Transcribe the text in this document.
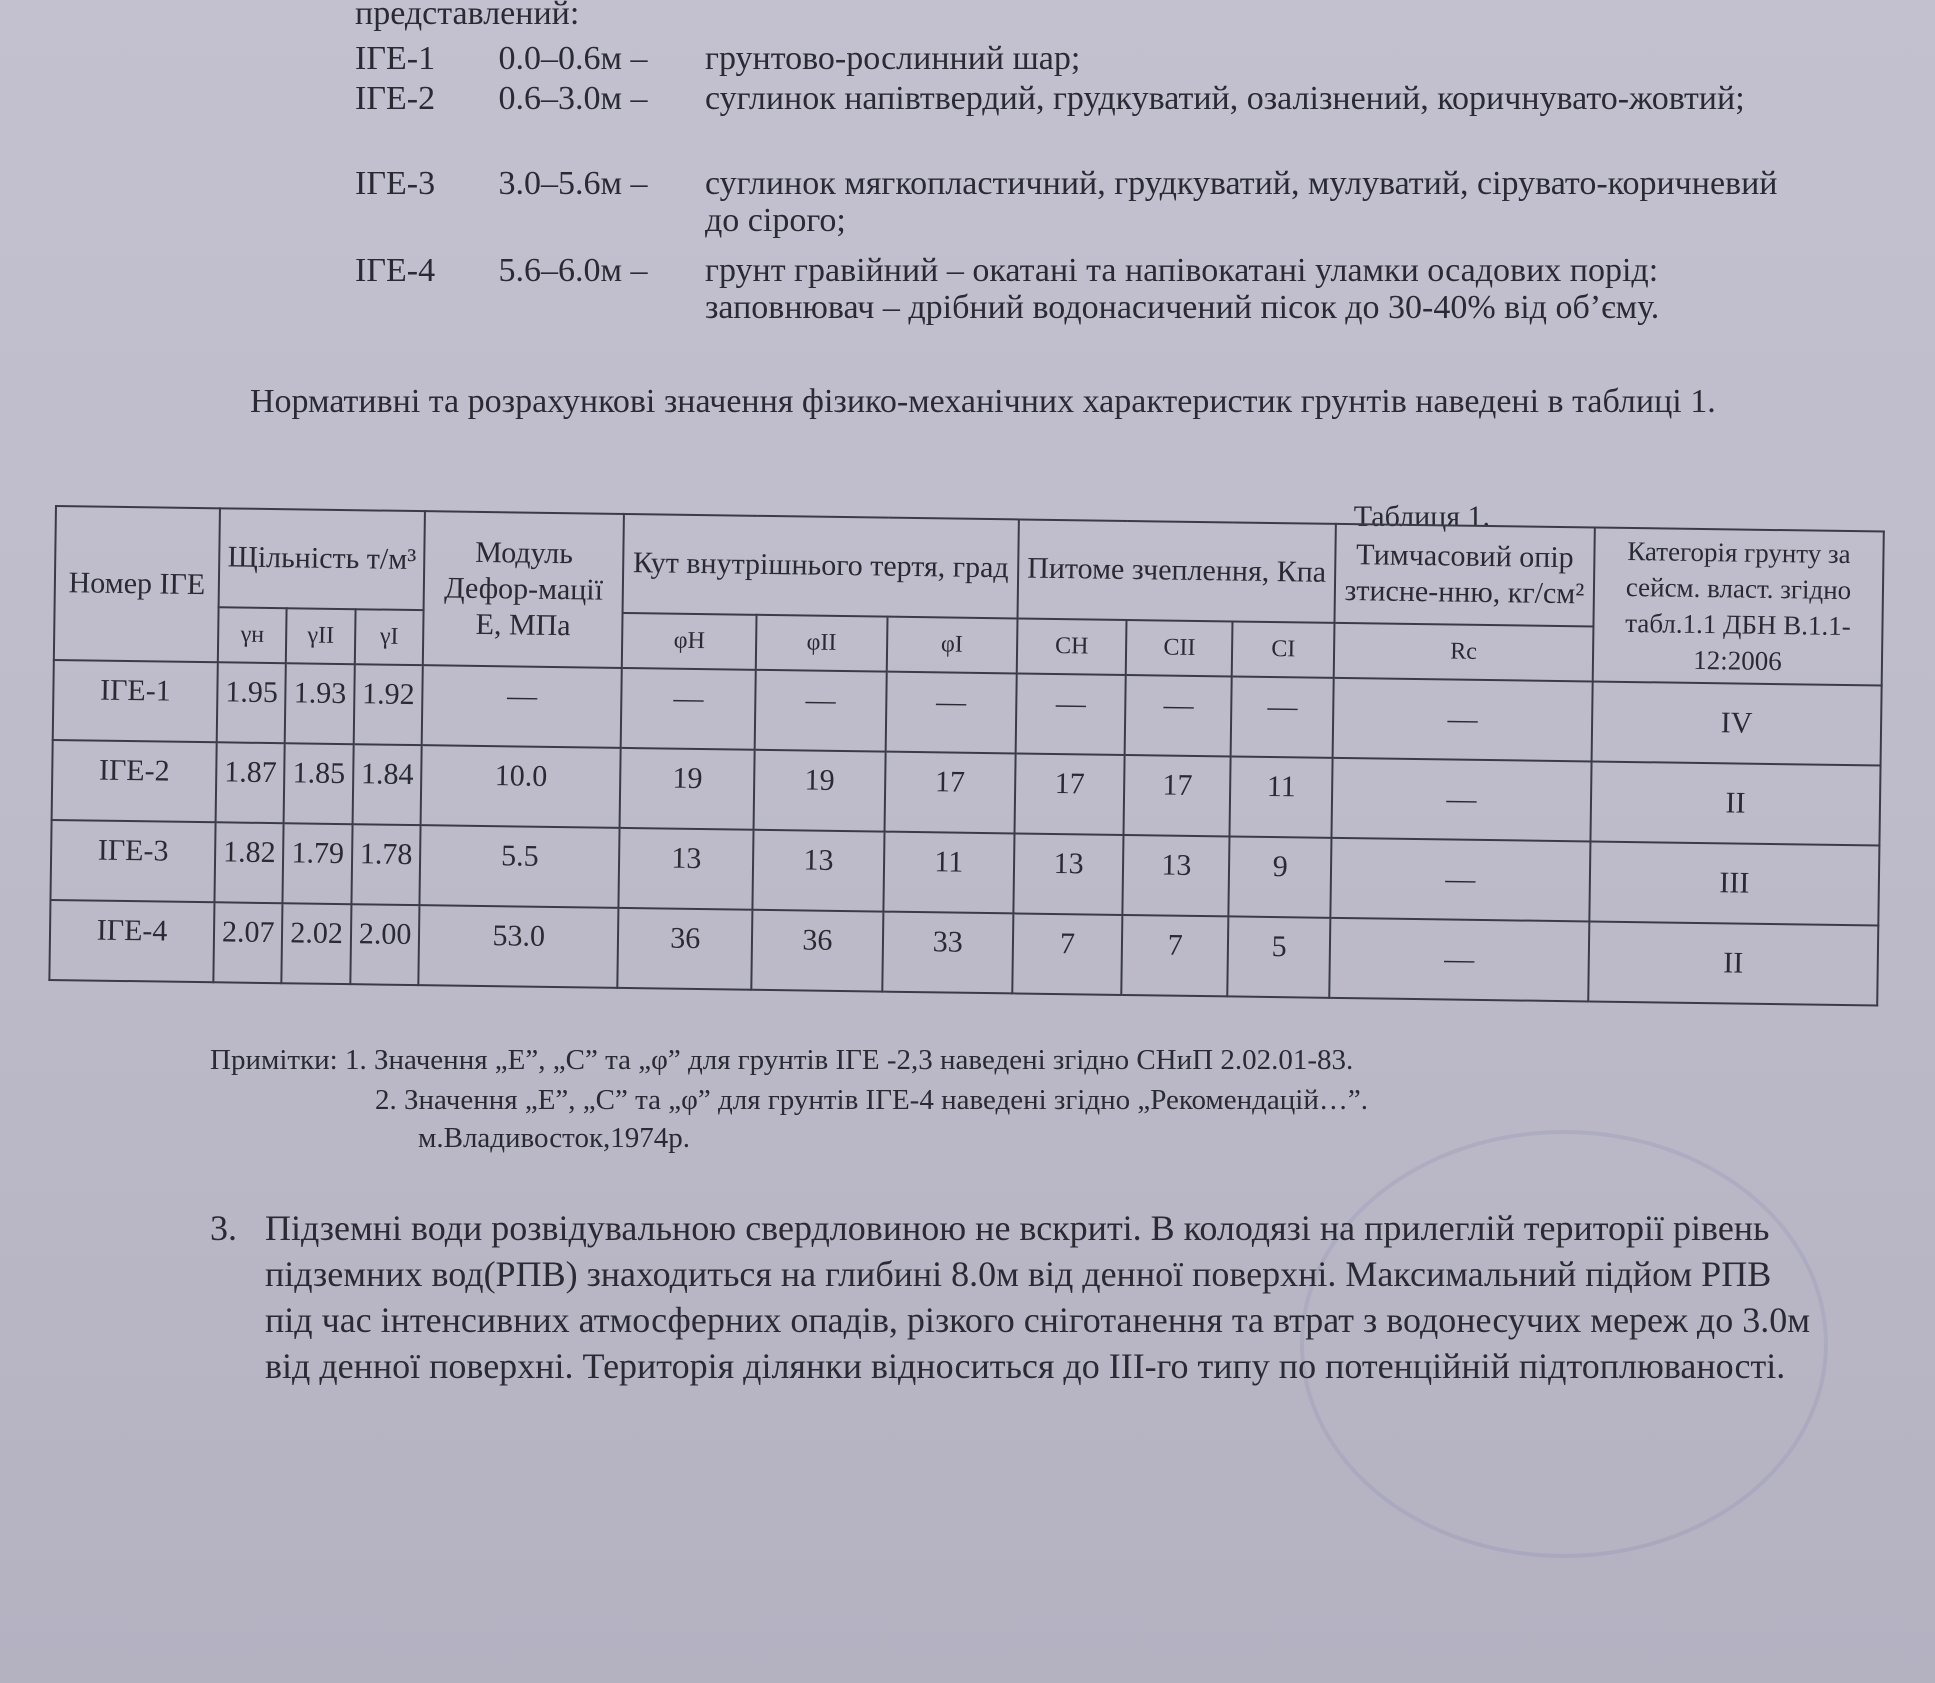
представлений:
ІГЕ-1 0.0–0.6м – грунтово-рослинний шар;
ІГЕ-2 0.6–3.0м – суглинок напівтвердий, грудкуватий, озалізнений, коричнувато-жовтий;
ІГЕ-3 3.0–5.6м – суглинок мягкопластичний, грудкуватий, мулуватий, сірувато-коричневий до сірого;
ІГЕ-4 5.6–6.0м – грунт гравійний – окатані та напівокатані уламки осадових порід: заповнювач – дрібний водонасичений пісок до 30-40% від об’єму.
Нормативні та розрахункові значення фізико-механічних характеристик грунтів наведені в таблиці 1.
Таблиця 1.
Номер ІГЕ	Щільність т/м³			Модуль Дефор-мації Е, МПа	Кут внутрішнього тертя, град			Питоме зчеплення, Кпа			Тимчасовий опір зтисне-нню, кг/см²	Категорія грунту за сейсм. власт. згідно табл.1.1 ДБН В.1.1-12:2006
	γн	γII	γI		φН	φII	φI	CН	CII	CI	Rc	
ІГЕ-1	1.95	1.93	1.92	—	—	—	—	—	—	—	—	IV
ІГЕ-2	1.87	1.85	1.84	10.0	19	19	17	17	17	11	—	II
ІГЕ-3	1.82	1.79	1.78	5.5	13	13	11	13	13	9	—	III
ІГЕ-4	2.07	2.02	2.00	53.0	36	36	33	7	7	5	—	II
Примітки: 1. Значення „Е”, „С” та „φ” для грунтів ІГЕ -2,3 наведені згідно СНиП 2.02.01-83.
2. Значення „Е”, „С” та „φ” для грунтів ІГЕ-4 наведені згідно „Рекомендацій…”.
м.Владивосток,1974р.
3. Підземні води розвідувальною свердловиною не вскриті. В колодязі на прилеглій території рівень підземних вод(РПВ) знаходиться на глибині 8.0м від денної поверхні. Максимальний підйом РПВ під час інтенсивних атмосферних опадів, різкого сніготанення та втрат з водонесучих мереж до 3.0м від денної поверхні. Територія ділянки відноситься до ІІІ-го типу по потенційній підтоплюваності.
